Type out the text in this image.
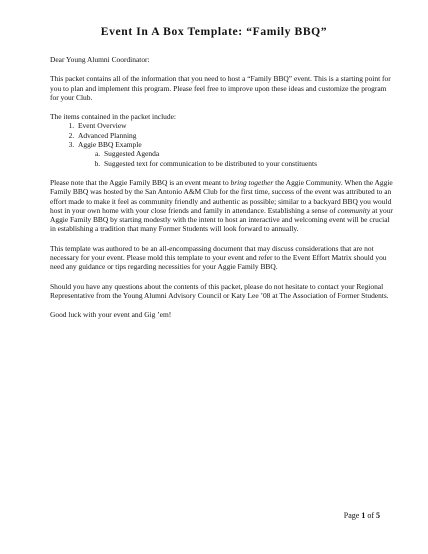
Event In A Box Template: “Family BBQ”

Dear Young Alumni Coordinator:

This packet contains all of the information that you need to host a “Family BBQ” event. This is a starting point for you to plan and implement this program. Please feel free to improve upon these ideas and customize the program for your Club.

The items contained in the packet include:
1. Event Overview
2. Advanced Planning
3. Aggie BBQ Example
a. Suggested Agenda
b. Suggested text for communication to be distributed to your constituents

Please note that the Aggie Family BBQ is an event meant to bring together the Aggie Community. When the Aggie Family BBQ was hosted by the San Antonio A&M Club for the first time, success of the event was attributed to an effort made to make it feel as community friendly and authentic as possible; similar to a backyard BBQ you would host in your own home with your close friends and family in attendance. Establishing a sense of community at your Aggie Family BBQ by starting modestly with the intent to host an interactive and welcoming event will be crucial in establishing a tradition that many Former Students will look forward to annually.

This template was authored to be an all-encompassing document that may discuss considerations that are not necessary for your event. Please mold this template to your event and refer to the Event Effort Matrix should you need any guidance or tips regarding necessities for your Aggie Family BBQ.

Should you have any questions about the contents of this packet, please do not hesitate to contact your Regional Representative from the Young Alumni Advisory Council or Katy Lee ’08 at The Association of Former Students.

Good luck with your event and Gig ’em!

Page 1 of 5
